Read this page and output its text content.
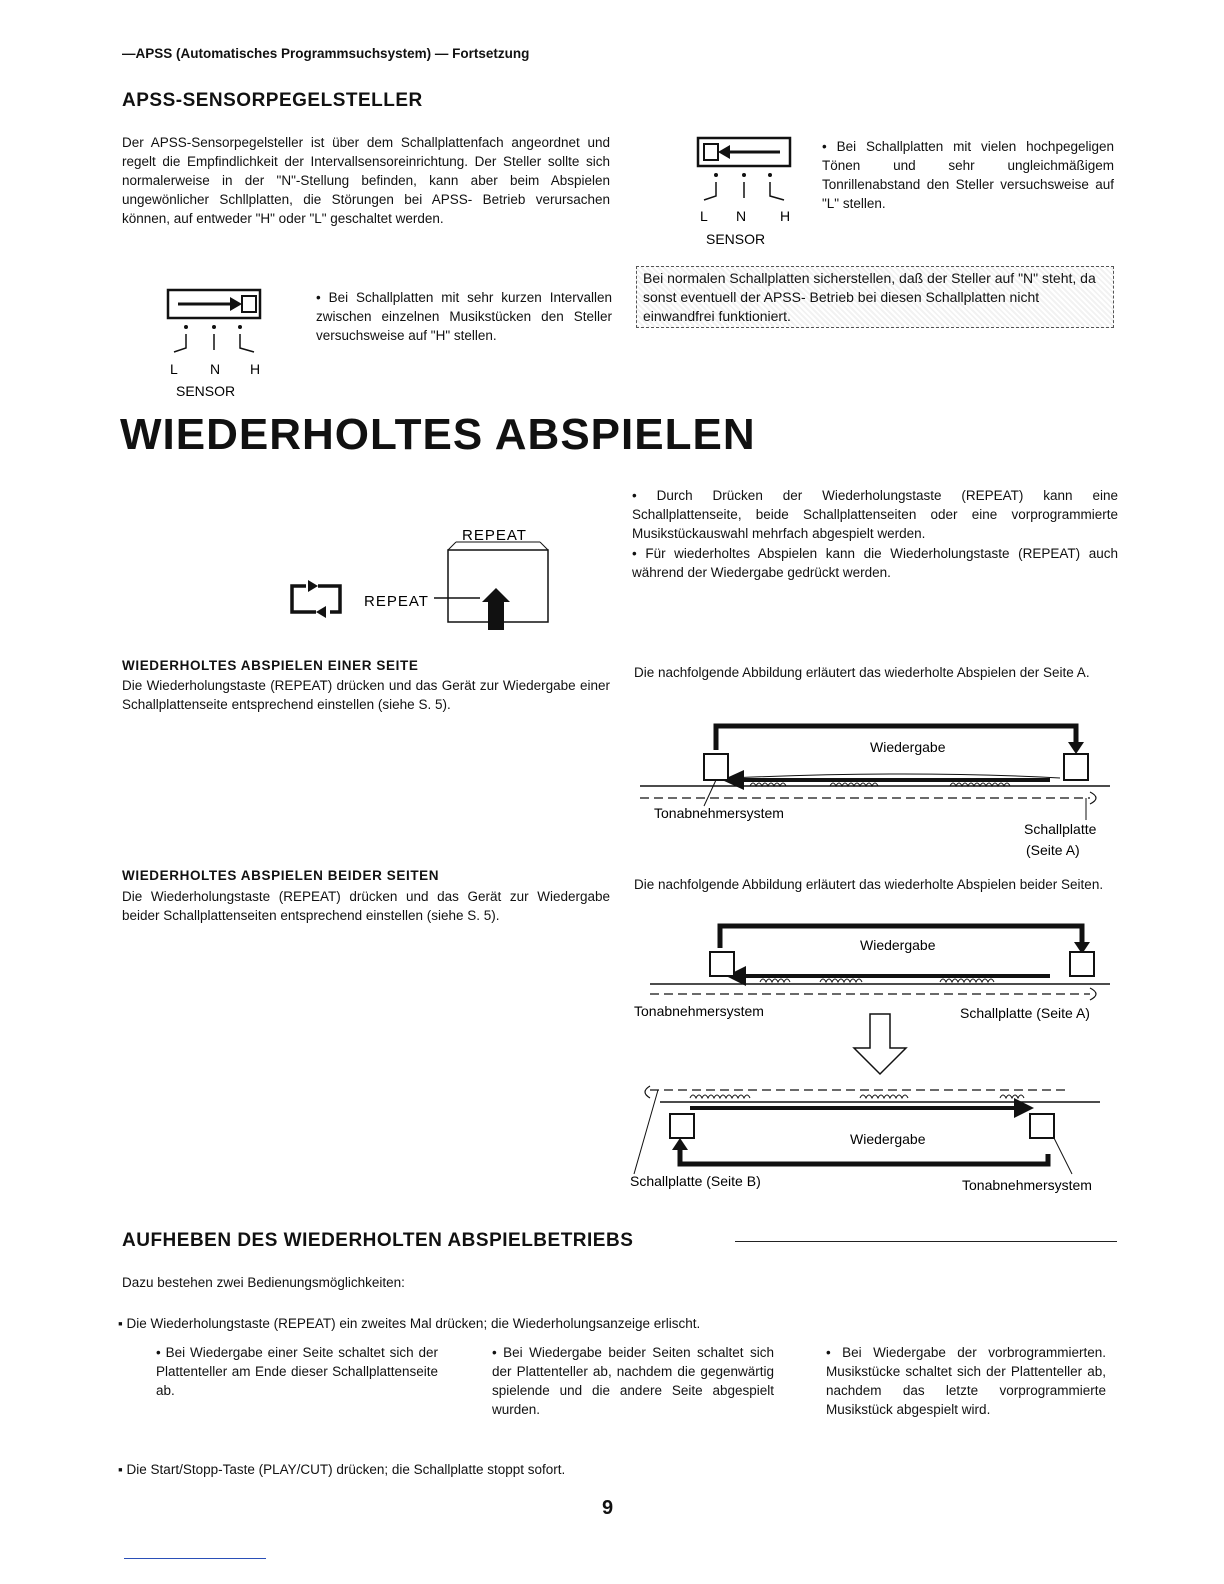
—APSS (Automatisches Programmsuchsystem) — Fortsetzung
APSS-SENSORPEGELSTELLER
Der APSS-Sensorpegelsteller ist über dem Schallplattenfach angeordnet und regelt die Empfindlichkeit der Intervallsensoreinrichtung. Der Steller sollte sich normalerweise in der "N"-Stellung befinden, kann aber beim Abspielen ungewönlicher Schllplatten, die Störungen bei APSS- Betrieb verursachen können, auf entweder "H" oder "L" geschaltet werden.
L N H
SENSOR
• Bei Schallplatten mit sehr kurzen Intervallen zwischen einzelnen Musikstücken den Steller versuchsweise auf "H" stellen.
L N H
SENSOR
• Bei Schallplatten mit vielen hochpegeligen Tönen und sehr ungleichmäßigem Tonrillenabstand den Steller versuchsweise auf "L" stellen.
Bei normalen Schallplatten sicherstellen, daß der Steller auf "N" steht, da sonst eventuell der APSS- Betrieb bei diesen Schallplatten nicht einwandfrei funktioniert.
WIEDERHOLTES ABSPIELEN
REPEAT
REPEAT
• Durch Drücken der Wiederholungstaste (REPEAT) kann eine Schallplattenseite, beide Schallplattenseiten oder eine vorprogrammierte Musikstückauswahl mehrfach abgespielt werden.
• Für wiederholtes Abspielen kann die Wiederholungstaste (REPEAT) auch während der Wiedergabe gedrückt werden.
WIEDERHOLTES ABSPIELEN EINER SEITE
Die Wiederholungstaste (REPEAT) drücken und das Gerät zur Wiedergabe einer Schallplattenseite entsprechend einstellen (siehe S. 5).
Die nachfolgende Abbildung erläutert das wiederholte Abspielen der Seite A.
Wiedergabe
Tonabnehmersystem
Schallplatte
(Seite A)
WIEDERHOLTES ABSPIELEN BEIDER SEITEN
Die Wiederholungstaste (REPEAT) drücken und das Gerät zur Wiedergabe beider Schallplattenseiten entsprechend einstellen (siehe S. 5).
Die nachfolgende Abbildung erläutert das wiederholte Abspielen beider Seiten.
Wiedergabe
Tonabnehmersystem	Schallplatte (Seite A)
Wiedergabe
Schallplatte (Seite B)	Tonabnehmersystem
AUFHEBEN DES WIEDERHOLTEN ABSPIELBETRIEBS
Dazu bestehen zwei Bedienungsmöglichkeiten:
▪ Die Wiederholungstaste (REPEAT) ein zweites Mal drücken; die Wiederholungsanzeige erlischt.
• Bei Wiedergabe einer Seite schaltet sich der Plattenteller am Ende dieser Schallplattenseite ab.
• Bei Wiedergabe beider Seiten schaltet sich der Plattenteller ab, nachdem die gegenwärtig spielende und die andere Seite abgespielt wurden.
• Bei Wiedergabe der vorbrogrammierten. Musikstücke schaltet sich der Plattenteller ab, nachdem das letzte vorprogrammierte Musikstück abgespielt wird.
▪ Die Start/Stopp-Taste (PLAY/CUT) drücken; die Schallplatte stoppt sofort.
9
